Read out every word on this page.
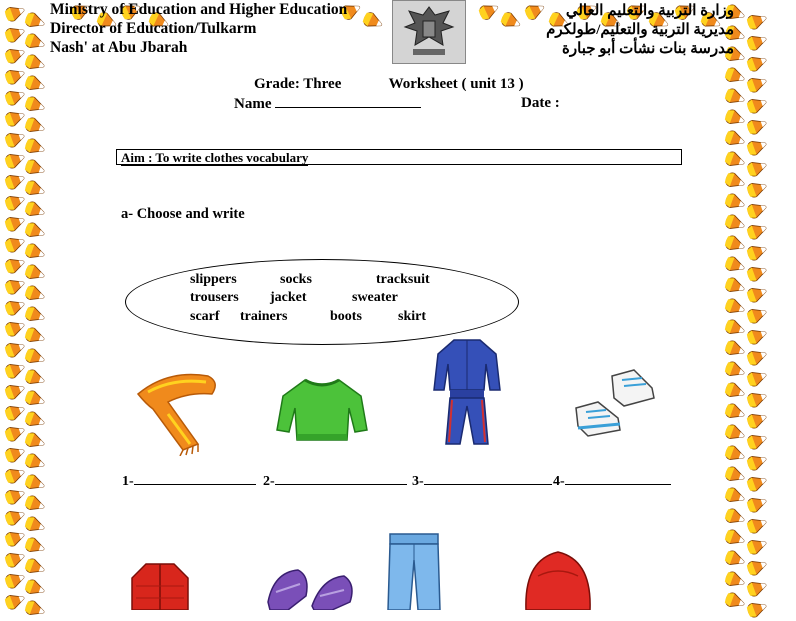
Ministry of Education and Higher Education
Director of Education/Tulkarm
Nash' at Abu Jbarah
وزارة التربية والتعليم العالي
مديرية التربية والتعليم/طولكرم
مدرسة بنات نشأت أبو جبارة
Grade: Three	Worksheet ( unit 13 )
Name	Date :
Aim : To write clothes vocabulary
a- Choose and write
slippers	socks	tracksuit
trousers jacket	sweater
scarf trainers	boots	skirt
1-	2-	3-	4-
